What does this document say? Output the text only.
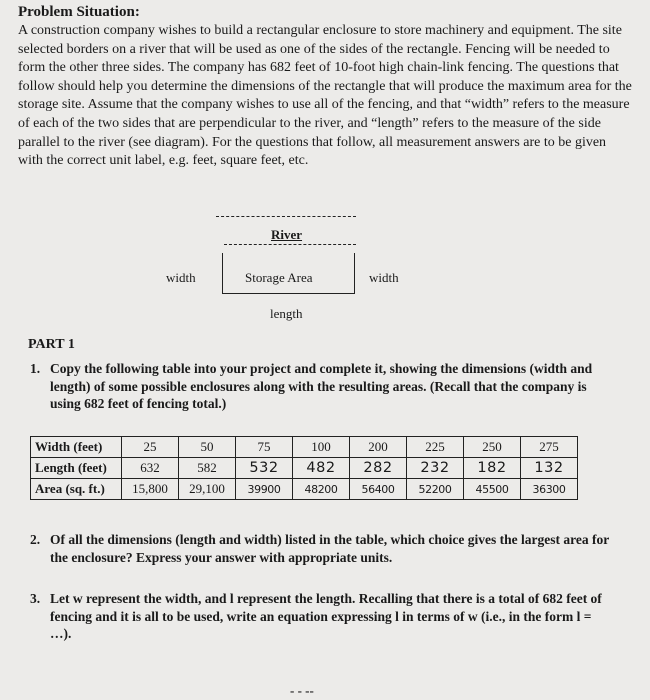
Problem Situation:
A construction company wishes to build a rectangular enclosure to store machinery and equipment. The site selected borders on a river that will be used as one of the sides of the rectangle. Fencing will be needed to form the other three sides. The company has 682 feet of 10-foot high chain-link fencing. The questions that follow should help you determine the dimensions of the rectangle that will produce the maximum area for the storage site. Assume that the company wishes to use all of the fencing, and that “width” refers to the measure of each of the two sides that are perpendicular to the river, and “length” refers to the measure of the side parallel to the river (see diagram). For the questions that follow, all measurement answers are to be given with the correct unit label, e.g. feet, square feet, etc.
River
Storage Area
width	width
length
PART 1
1. Copy the following table into your project and complete it, showing the dimensions (width and length) of some possible enclosures along with the resulting areas. (Recall that the company is using 682 feet of fencing total.)
Width (feet)	25	50	75	100	200	225	250	275
Length (feet)	632	582	532	482	282	232	182	132
Area (sq. ft.)	15,800	29,100	39900	48200	56400	52200	45500	36300
2. Of all the dimensions (length and width) listed in the table, which choice gives the largest area for the enclosure? Express your answer with appropriate units.
3. Let w represent the width, and l represent the length. Recalling that there is a total of 682 feet of fencing and it is all to be used, write an equation expressing l in terms of w (i.e., in the form l = …).
- - --
